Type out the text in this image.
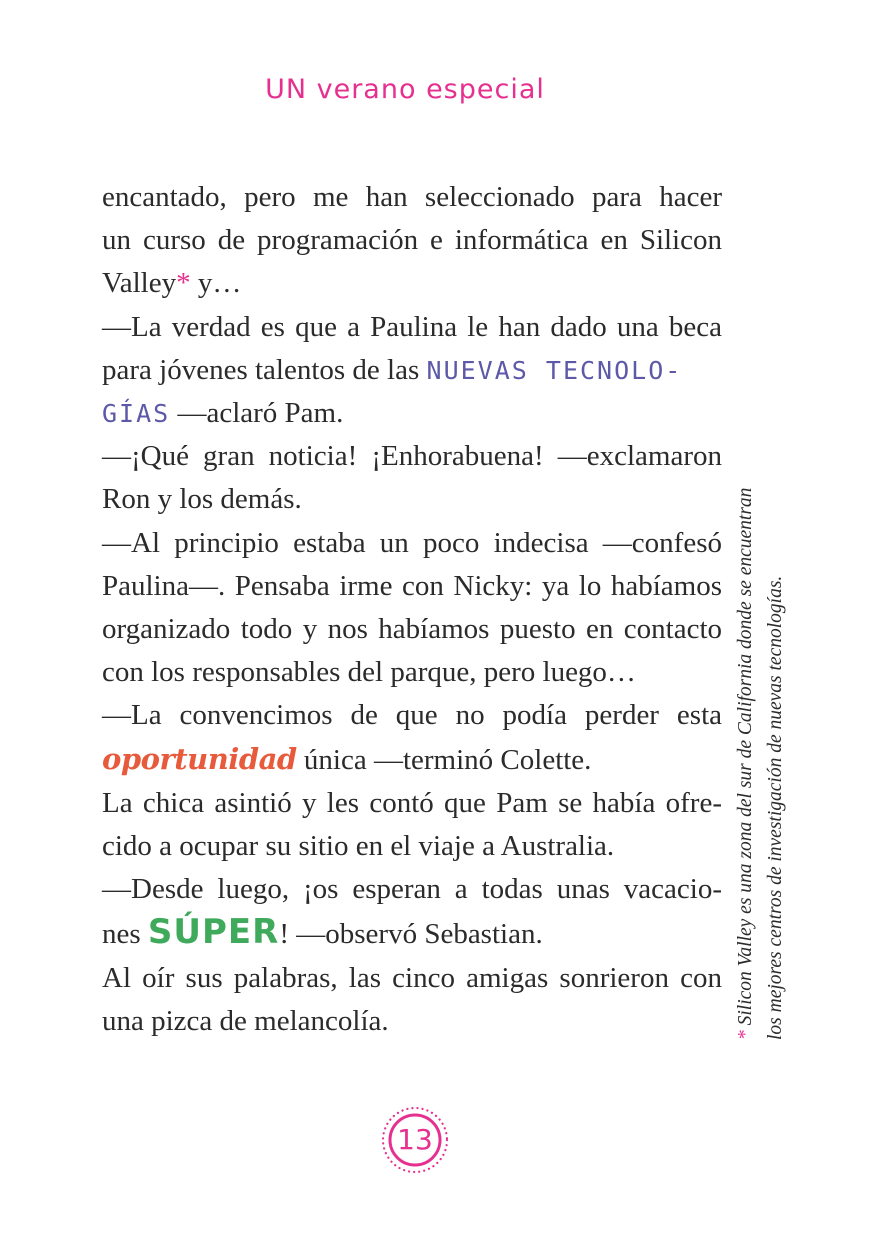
UN verano especial
encantado, pero me han seleccionado para hacer
un curso de programación e informática en Silicon
Valley* y…
—La verdad es que a Paulina le han dado una beca
para jóvenes talentos de las NUEVAS TECNOLO-
GÍAS —aclaró Pam.
—¡Qué gran noticia! ¡Enhorabuena! —exclamaron
Ron y los demás.
—Al principio estaba un poco indecisa —confesó
Paulina—. Pensaba irme con Nicky: ya lo habíamos
organizado todo y nos habíamos puesto en contacto
con los responsables del parque, pero luego…
—La convencimos de que no podía perder esta
oportunidad única —terminó Colette.
La chica asintió y les contó que Pam se había ofre-
cido a ocupar su sitio en el viaje a Australia.
—Desde luego, ¡os esperan a todas unas vacacio-
nes SÚPER! —observó Sebastian.
Al oír sus palabras, las cinco amigas sonrieron con
una pizca de melancolía.	* Silicon Valley es una zona del sur de California donde se encuentran los mejores centros de investigación de nuevas tecnologías.
13
